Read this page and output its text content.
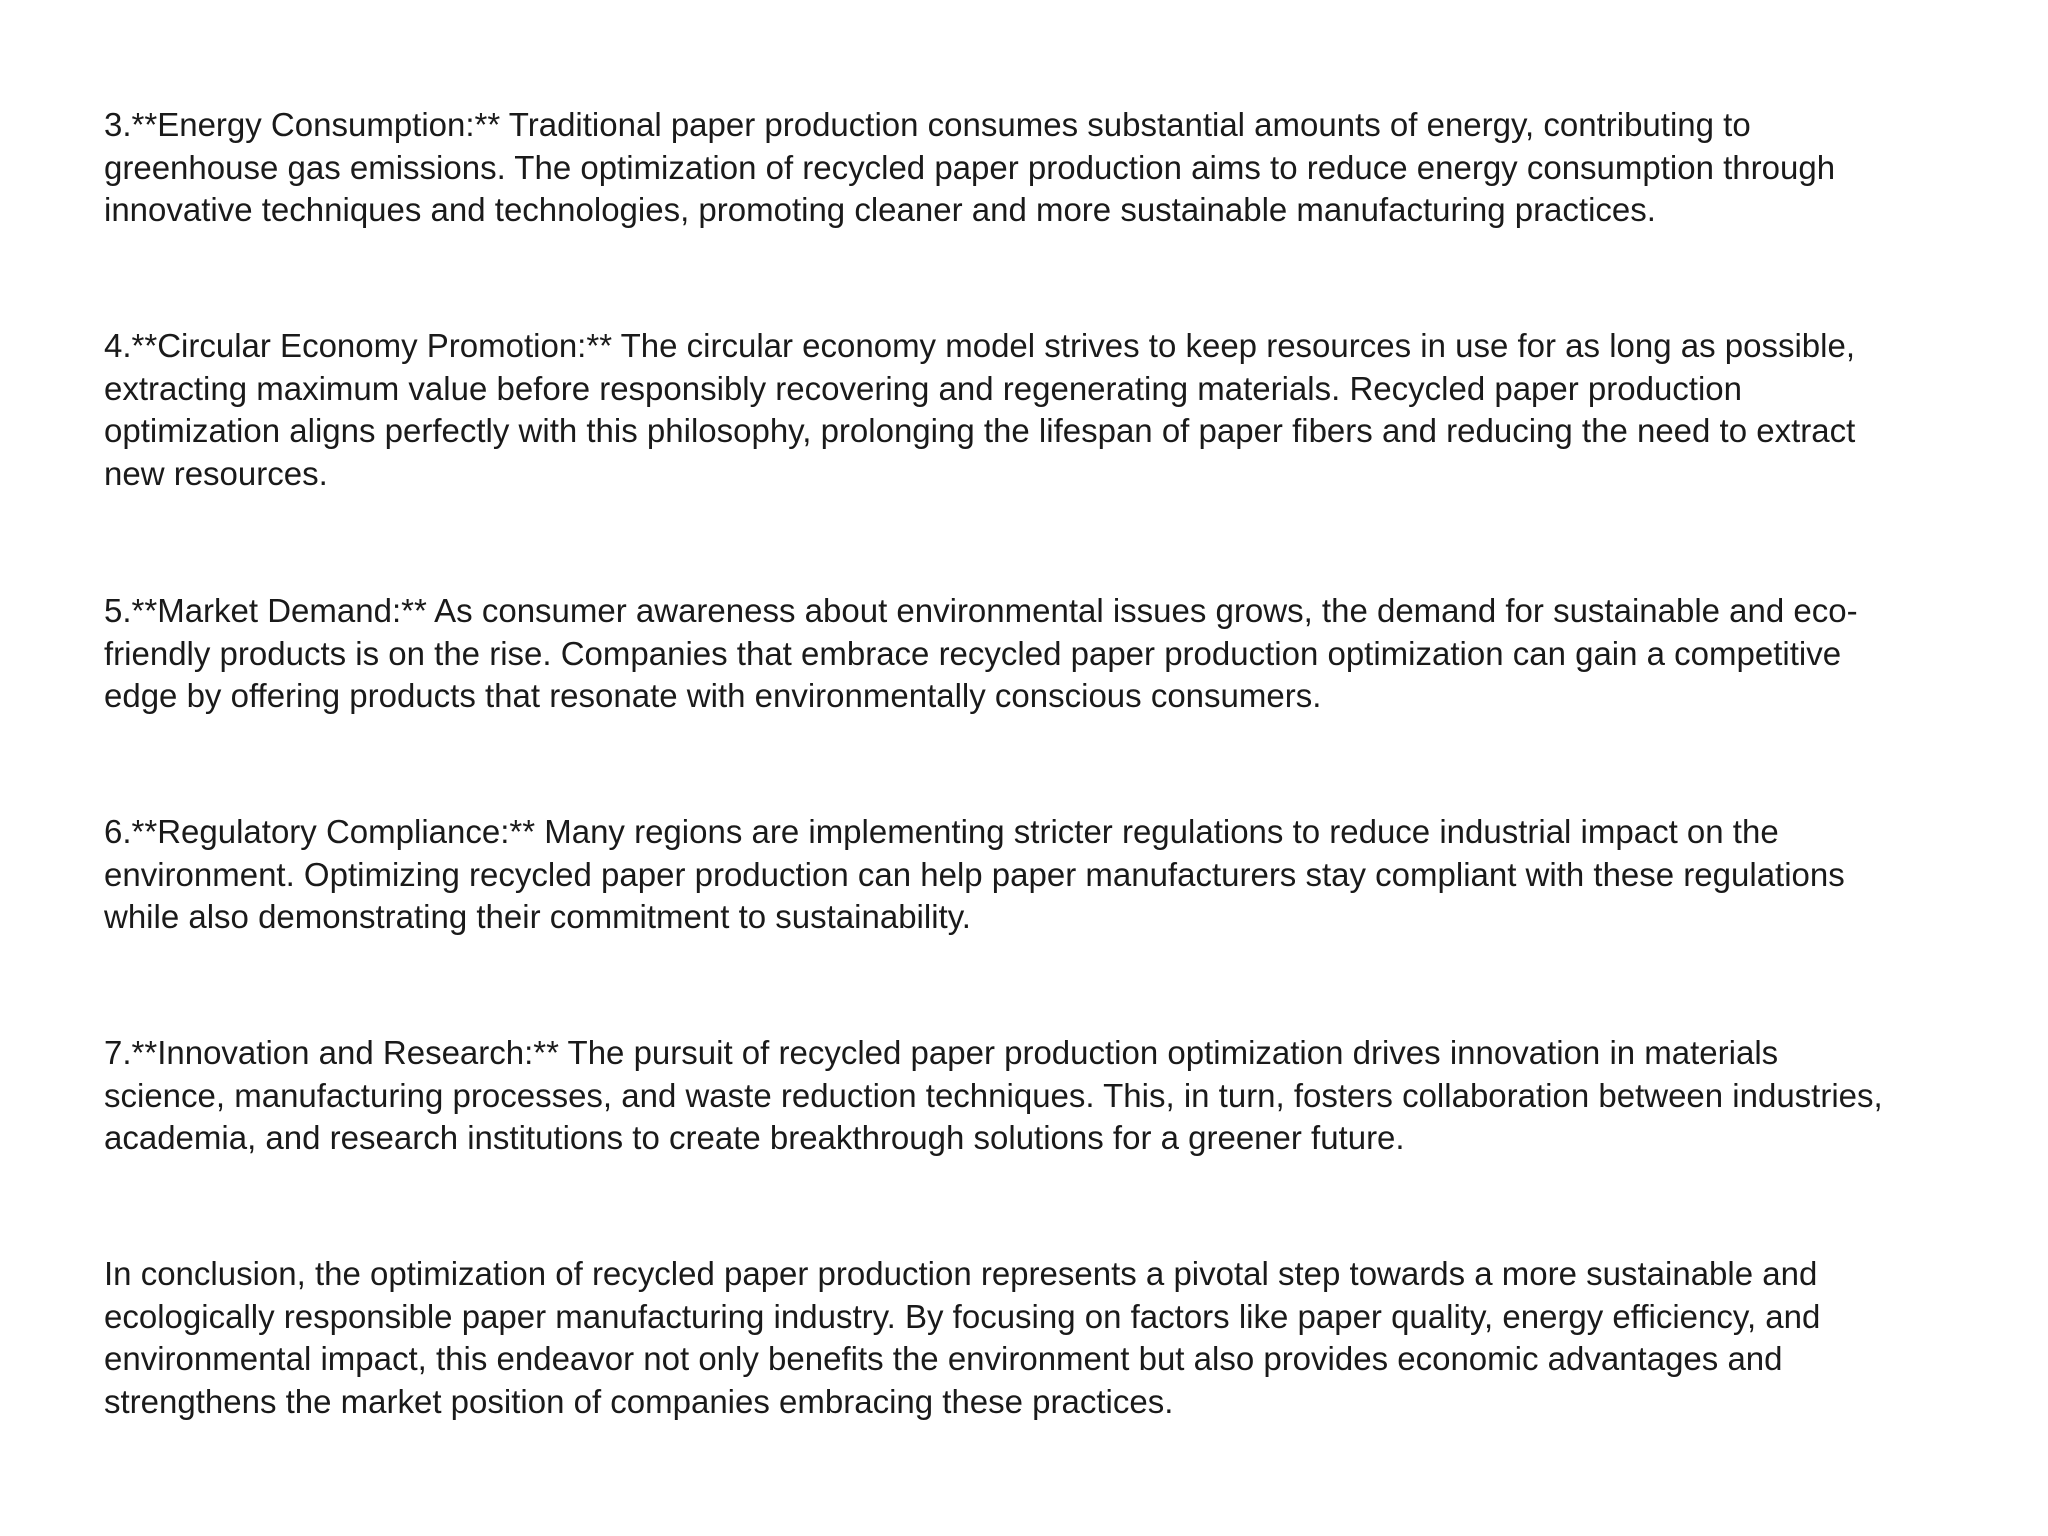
3.**Energy Consumption:** Traditional paper production consumes substantial amounts of energy, contributing to
greenhouse gas emissions. The optimization of recycled paper production aims to reduce energy consumption through
innovative techniques and technologies, promoting cleaner and more sustainable manufacturing practices.

4.**Circular Economy Promotion:** The circular economy model strives to keep resources in use for as long as possible,
extracting maximum value before responsibly recovering and regenerating materials. Recycled paper production
optimization aligns perfectly with this philosophy, prolonging the lifespan of paper fibers and reducing the need to extract
new resources.

5.**Market Demand:** As consumer awareness about environmental issues grows, the demand for sustainable and eco-
friendly products is on the rise. Companies that embrace recycled paper production optimization can gain a competitive
edge by offering products that resonate with environmentally conscious consumers.

6.**Regulatory Compliance:** Many regions are implementing stricter regulations to reduce industrial impact on the
environment. Optimizing recycled paper production can help paper manufacturers stay compliant with these regulations
while also demonstrating their commitment to sustainability.

7.**Innovation and Research:** The pursuit of recycled paper production optimization drives innovation in materials
science, manufacturing processes, and waste reduction techniques. This, in turn, fosters collaboration between industries,
academia, and research institutions to create breakthrough solutions for a greener future.

In conclusion, the optimization of recycled paper production represents a pivotal step towards a more sustainable and
ecologically responsible paper manufacturing industry. By focusing on factors like paper quality, energy efficiency, and
environmental impact, this endeavor not only benefits the environment but also provides economic advantages and
strengthens the market position of companies embracing these practices.
